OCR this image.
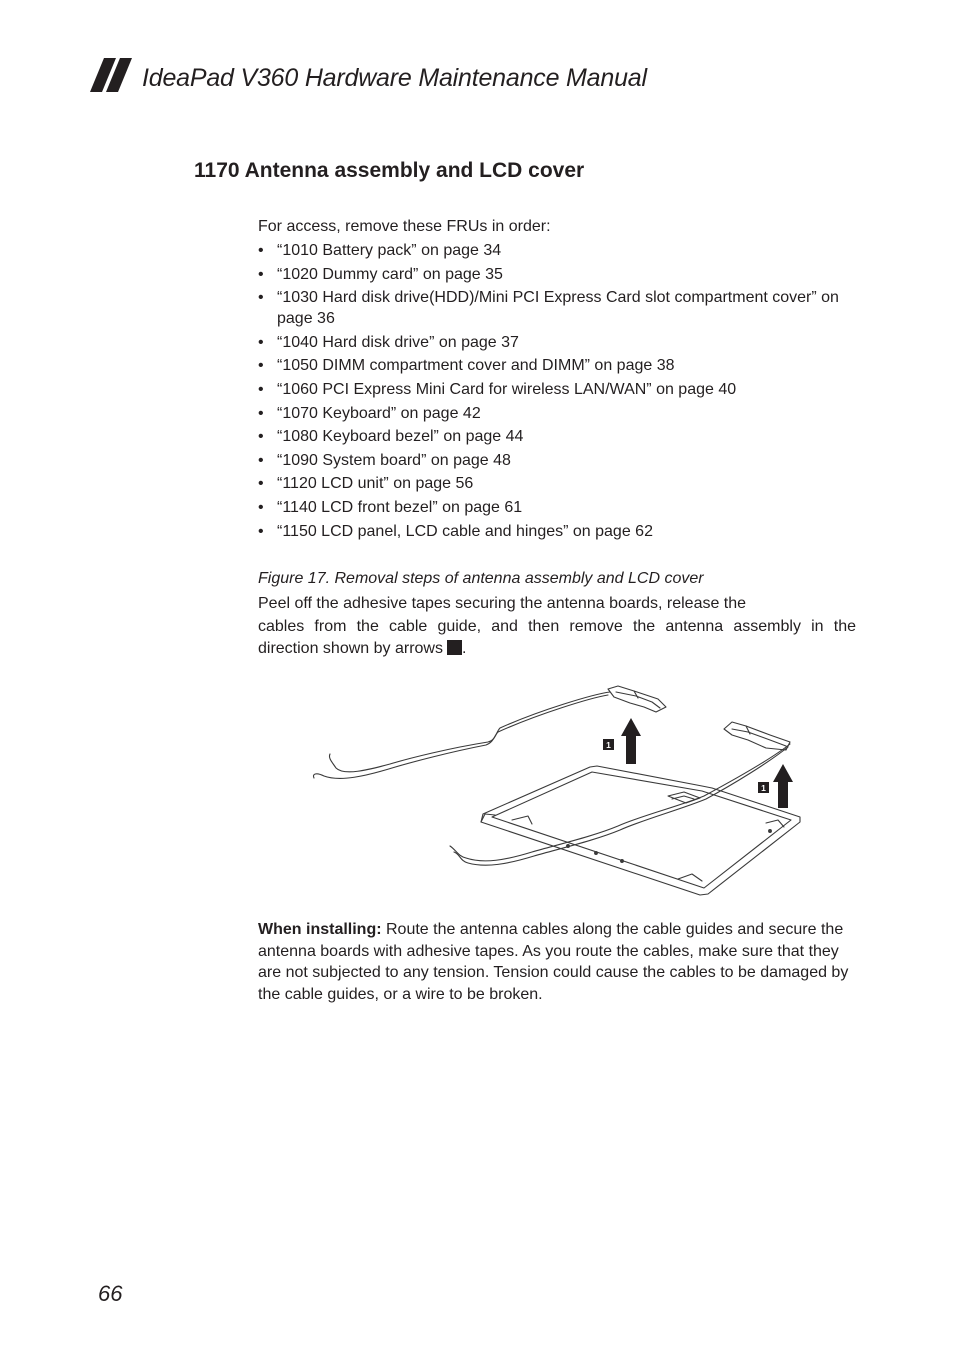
IdeaPad V360 Hardware Maintenance Manual
1170 Antenna assembly and LCD cover
For access, remove these FRUs in order:
• “1010 Battery pack” on page 34
• “1020 Dummy card” on page 35
• “1030 Hard disk drive(HDD)/Mini PCI Express Card slot compartment cover” on page 36
• “1040 Hard disk drive” on page 37
• “1050 DIMM compartment cover and DIMM” on page 38
• “1060 PCI Express Mini Card for wireless LAN/WAN” on page 40
• “1070 Keyboard” on page 42
• “1080 Keyboard bezel” on page 44
• “1090 System board” on page 48
• “1120 LCD unit” on page 56
• “1140 LCD front bezel” on page 61
• “1150 LCD panel, LCD cable and hinges” on page 62
Figure 17. Removal steps of antenna assembly and LCD cover
Peel off the adhesive tapes securing the antenna boards, release the
cables from the cable guide, and then remove the antenna assembly in the
direction shown by arrows .
1
1
When installing: Route the antenna cables along the cable guides and secure the antenna boards with adhesive tapes. As you route the cables, make sure that they are not subjected to any tension. Tension could cause the cables to be damaged by the cable guides, or a wire to be broken.
66
